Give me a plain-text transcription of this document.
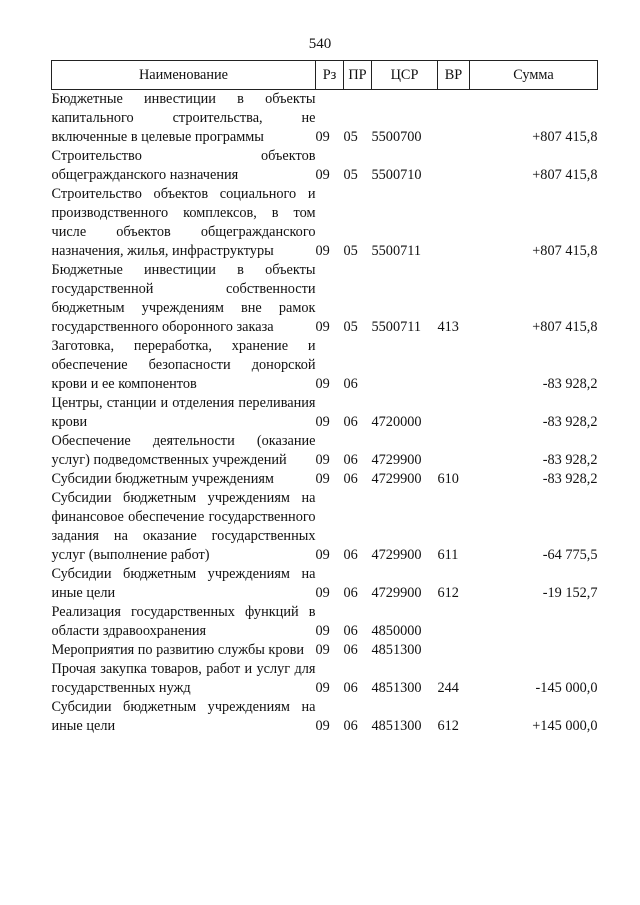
540
Наименование	Рз	ПР	ЦСР	ВР	Сумма
Бюджетные инвестиции в объекты капитального строительства, не включенные в целевые программы	09	05	5500700		+807 415,8
Строительство объектов общегражданского назначения	09	05	5500710		+807 415,8
Строительство объектов социального и производственного комплексов, в том числе объектов общегражданского назначения, жилья, инфраструктуры	09	05	5500711		+807 415,8
Бюджетные инвестиции в объекты государственной собственности бюджетным учреждениям вне рамок государственного оборонного заказа	09	05	5500711	413	+807 415,8
Заготовка, переработка, хранение и обеспечение безопасности донорской крови и ее компонентов	09	06			-83 928,2
Центры, станции и отделения переливания крови	09	06	4720000		-83 928,2
Обеспечение деятельности (оказание услуг) подведомственных учреждений	09	06	4729900		-83 928,2
Субсидии бюджетным учреждениям	09	06	4729900	610	-83 928,2
Субсидии бюджетным учреждениям на финансовое обеспечение государственного задания на оказание государственных услуг (выполнение работ)	09	06	4729900	611	-64 775,5
Субсидии бюджетным учреждениям на иные цели	09	06	4729900	612	-19 152,7
Реализация государственных функций в области здравоохранения	09	06	4850000		
Мероприятия по развитию службы крови	09	06	4851300		
Прочая закупка товаров, работ и услуг для государственных нужд	09	06	4851300	244	-145 000,0
Субсидии бюджетным учреждениям на иные цели	09	06	4851300	612	+145 000,0
